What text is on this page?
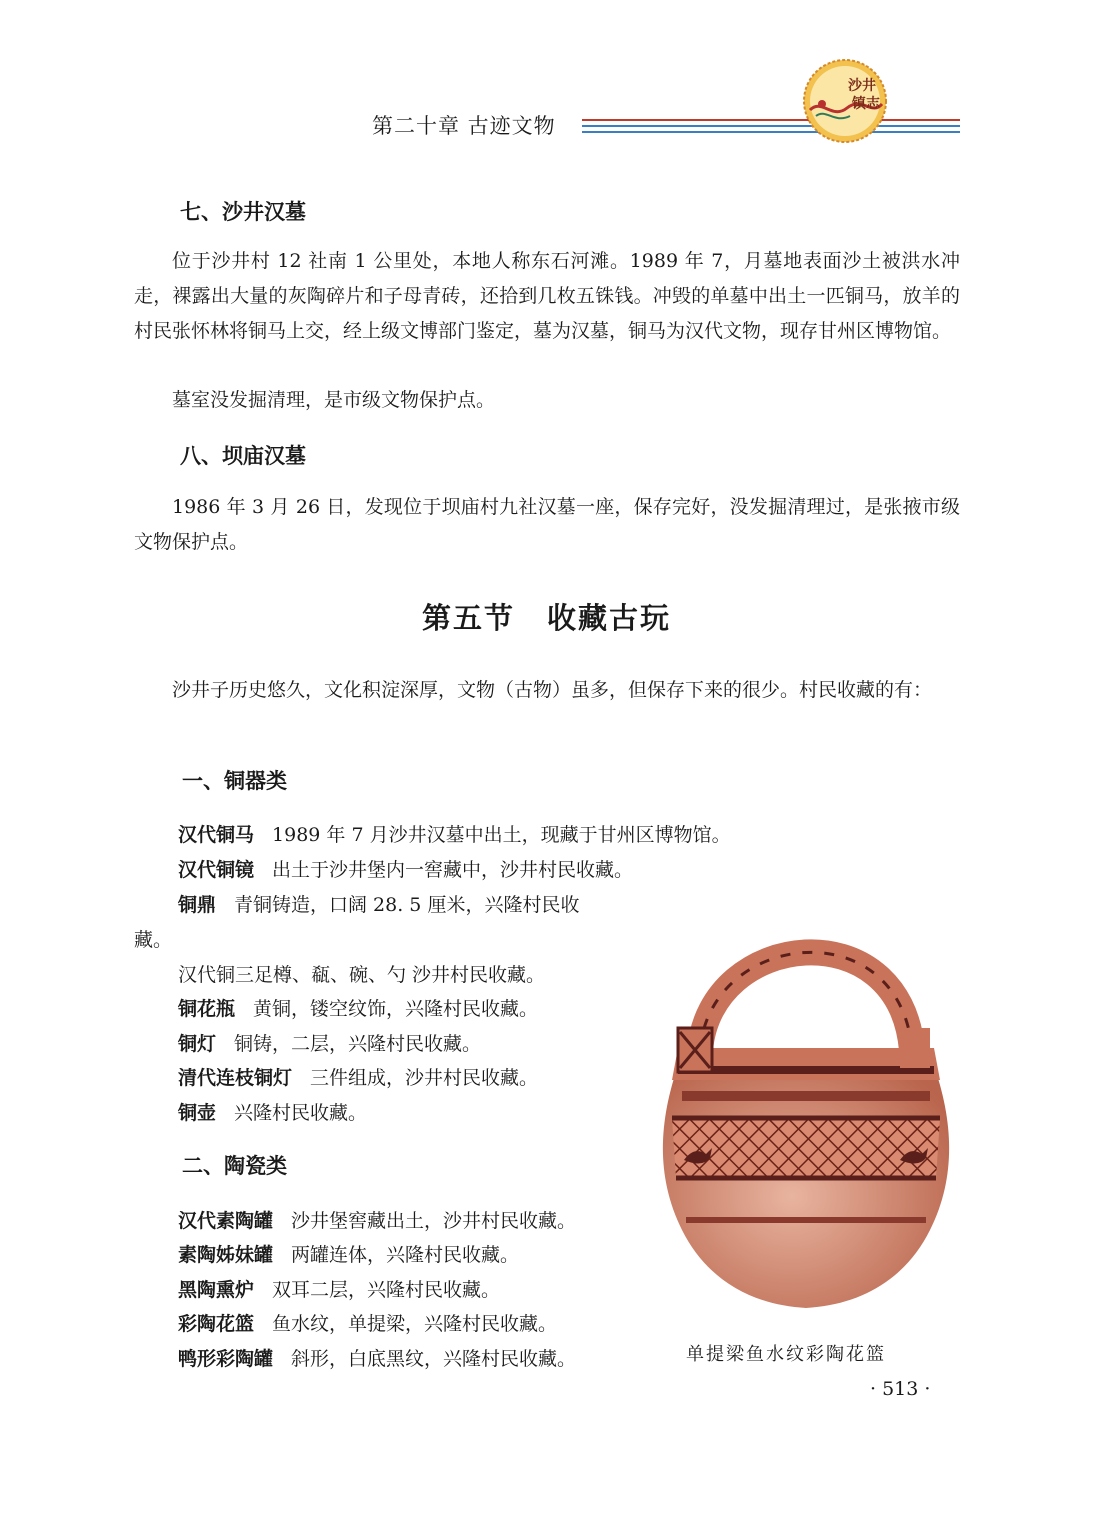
第二十章 古迹文物
沙井
镇志
七、沙井汉墓
位于沙井村 12 社南 1 公里处，本地人称东石河滩。1989 年 7，月墓地表面沙土被洪水冲走，裸露出大量的灰陶碎片和子母青砖，还拾到几枚五铢钱。冲毁的单墓中出土一匹铜马，放羊的村民张怀林将铜马上交，经上级文博部门鉴定，墓为汉墓，铜马为汉代文物，现存甘州区博物馆。
墓室没发掘清理，是市级文物保护点。
八、坝庙汉墓
1986 年 3 月 26 日，发现位于坝庙村九社汉墓一座，保存完好，没发掘清理过，是张掖市级文物保护点。
第五节 收藏古玩
沙井子历史悠久，文化积淀深厚，文物（古物）虽多，但保存下来的很少。村民收藏的有：
一、铜器类
汉代铜马 1989 年 7 月沙井汉墓中出土，现藏于甘州区博物馆。
汉代铜镜 出土于沙井堡内一窖藏中，沙井村民收藏。
铜鼎 青铜铸造，口阔 28. 5 厘米，兴隆村民收
藏。
汉代铜三足樽、瓻、碗、勺 沙井村民收藏。
铜花瓶 黄铜，镂空纹饰，兴隆村民收藏。
铜灯 铜铸，二层，兴隆村民收藏。
清代连枝铜灯 三件组成，沙井村民收藏。
铜壶 兴隆村民收藏。
二、陶瓷类
汉代素陶罐 沙井堡窖藏出土，沙井村民收藏。
素陶姊妹罐 两罐连体，兴隆村民收藏。
黑陶熏炉 双耳二层，兴隆村民收藏。
彩陶花篮 鱼水纹，单提梁，兴隆村民收藏。
鸭形彩陶罐 斜形，白底黑纹，兴隆村民收藏。	单提梁鱼水纹彩陶花篮
· 513 ·
